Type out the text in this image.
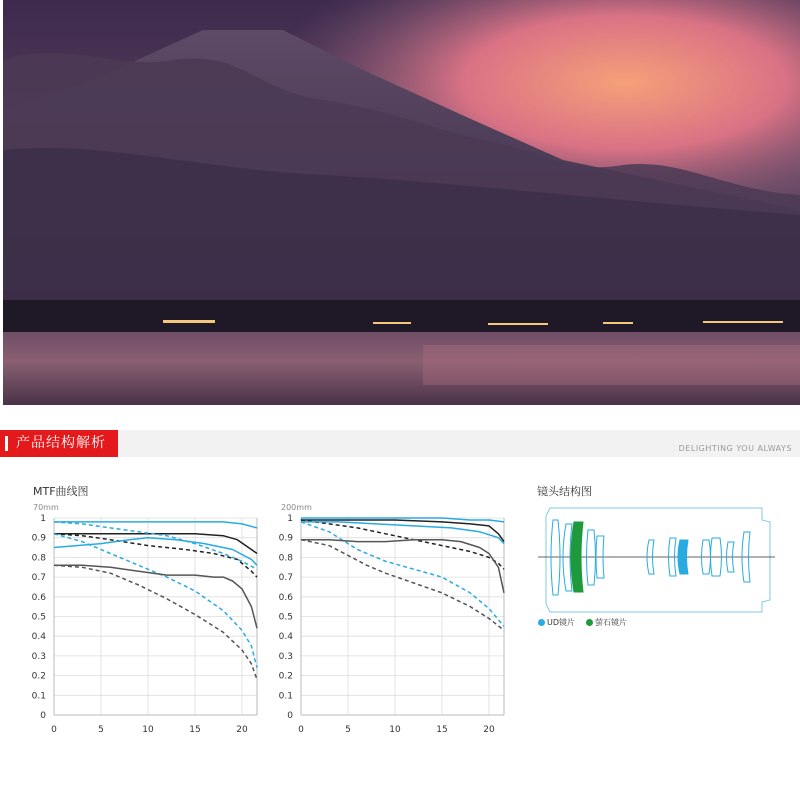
产品结构解析	DELIGHTING YOU ALWAYS
MTF曲线图	镜头结构图
70mm	200mm
0
0.1
0.2
0.3
0.4
0.5
0.6
0.7
0.8
0.9
1
0	5	10	15	20
0
0.1
0.2
0.3
0.4
0.5
0.6
0.7
0.8
0.9
1
0	5	10	15	20
UD镜片	萤石镜片
